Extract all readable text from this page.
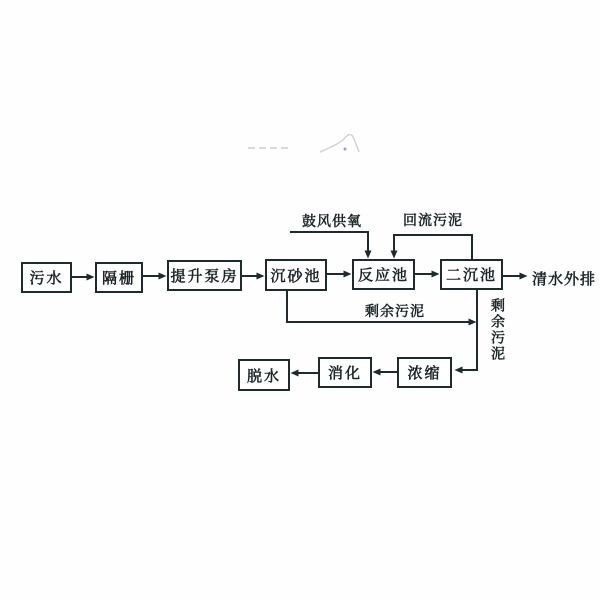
污水	隔栅	提升泵房	沉砂池	反应池	二沉池
浓缩
消化
脱水
鼓风供氧	回流污泥
清水外排
剩余污泥	剩余污泥
